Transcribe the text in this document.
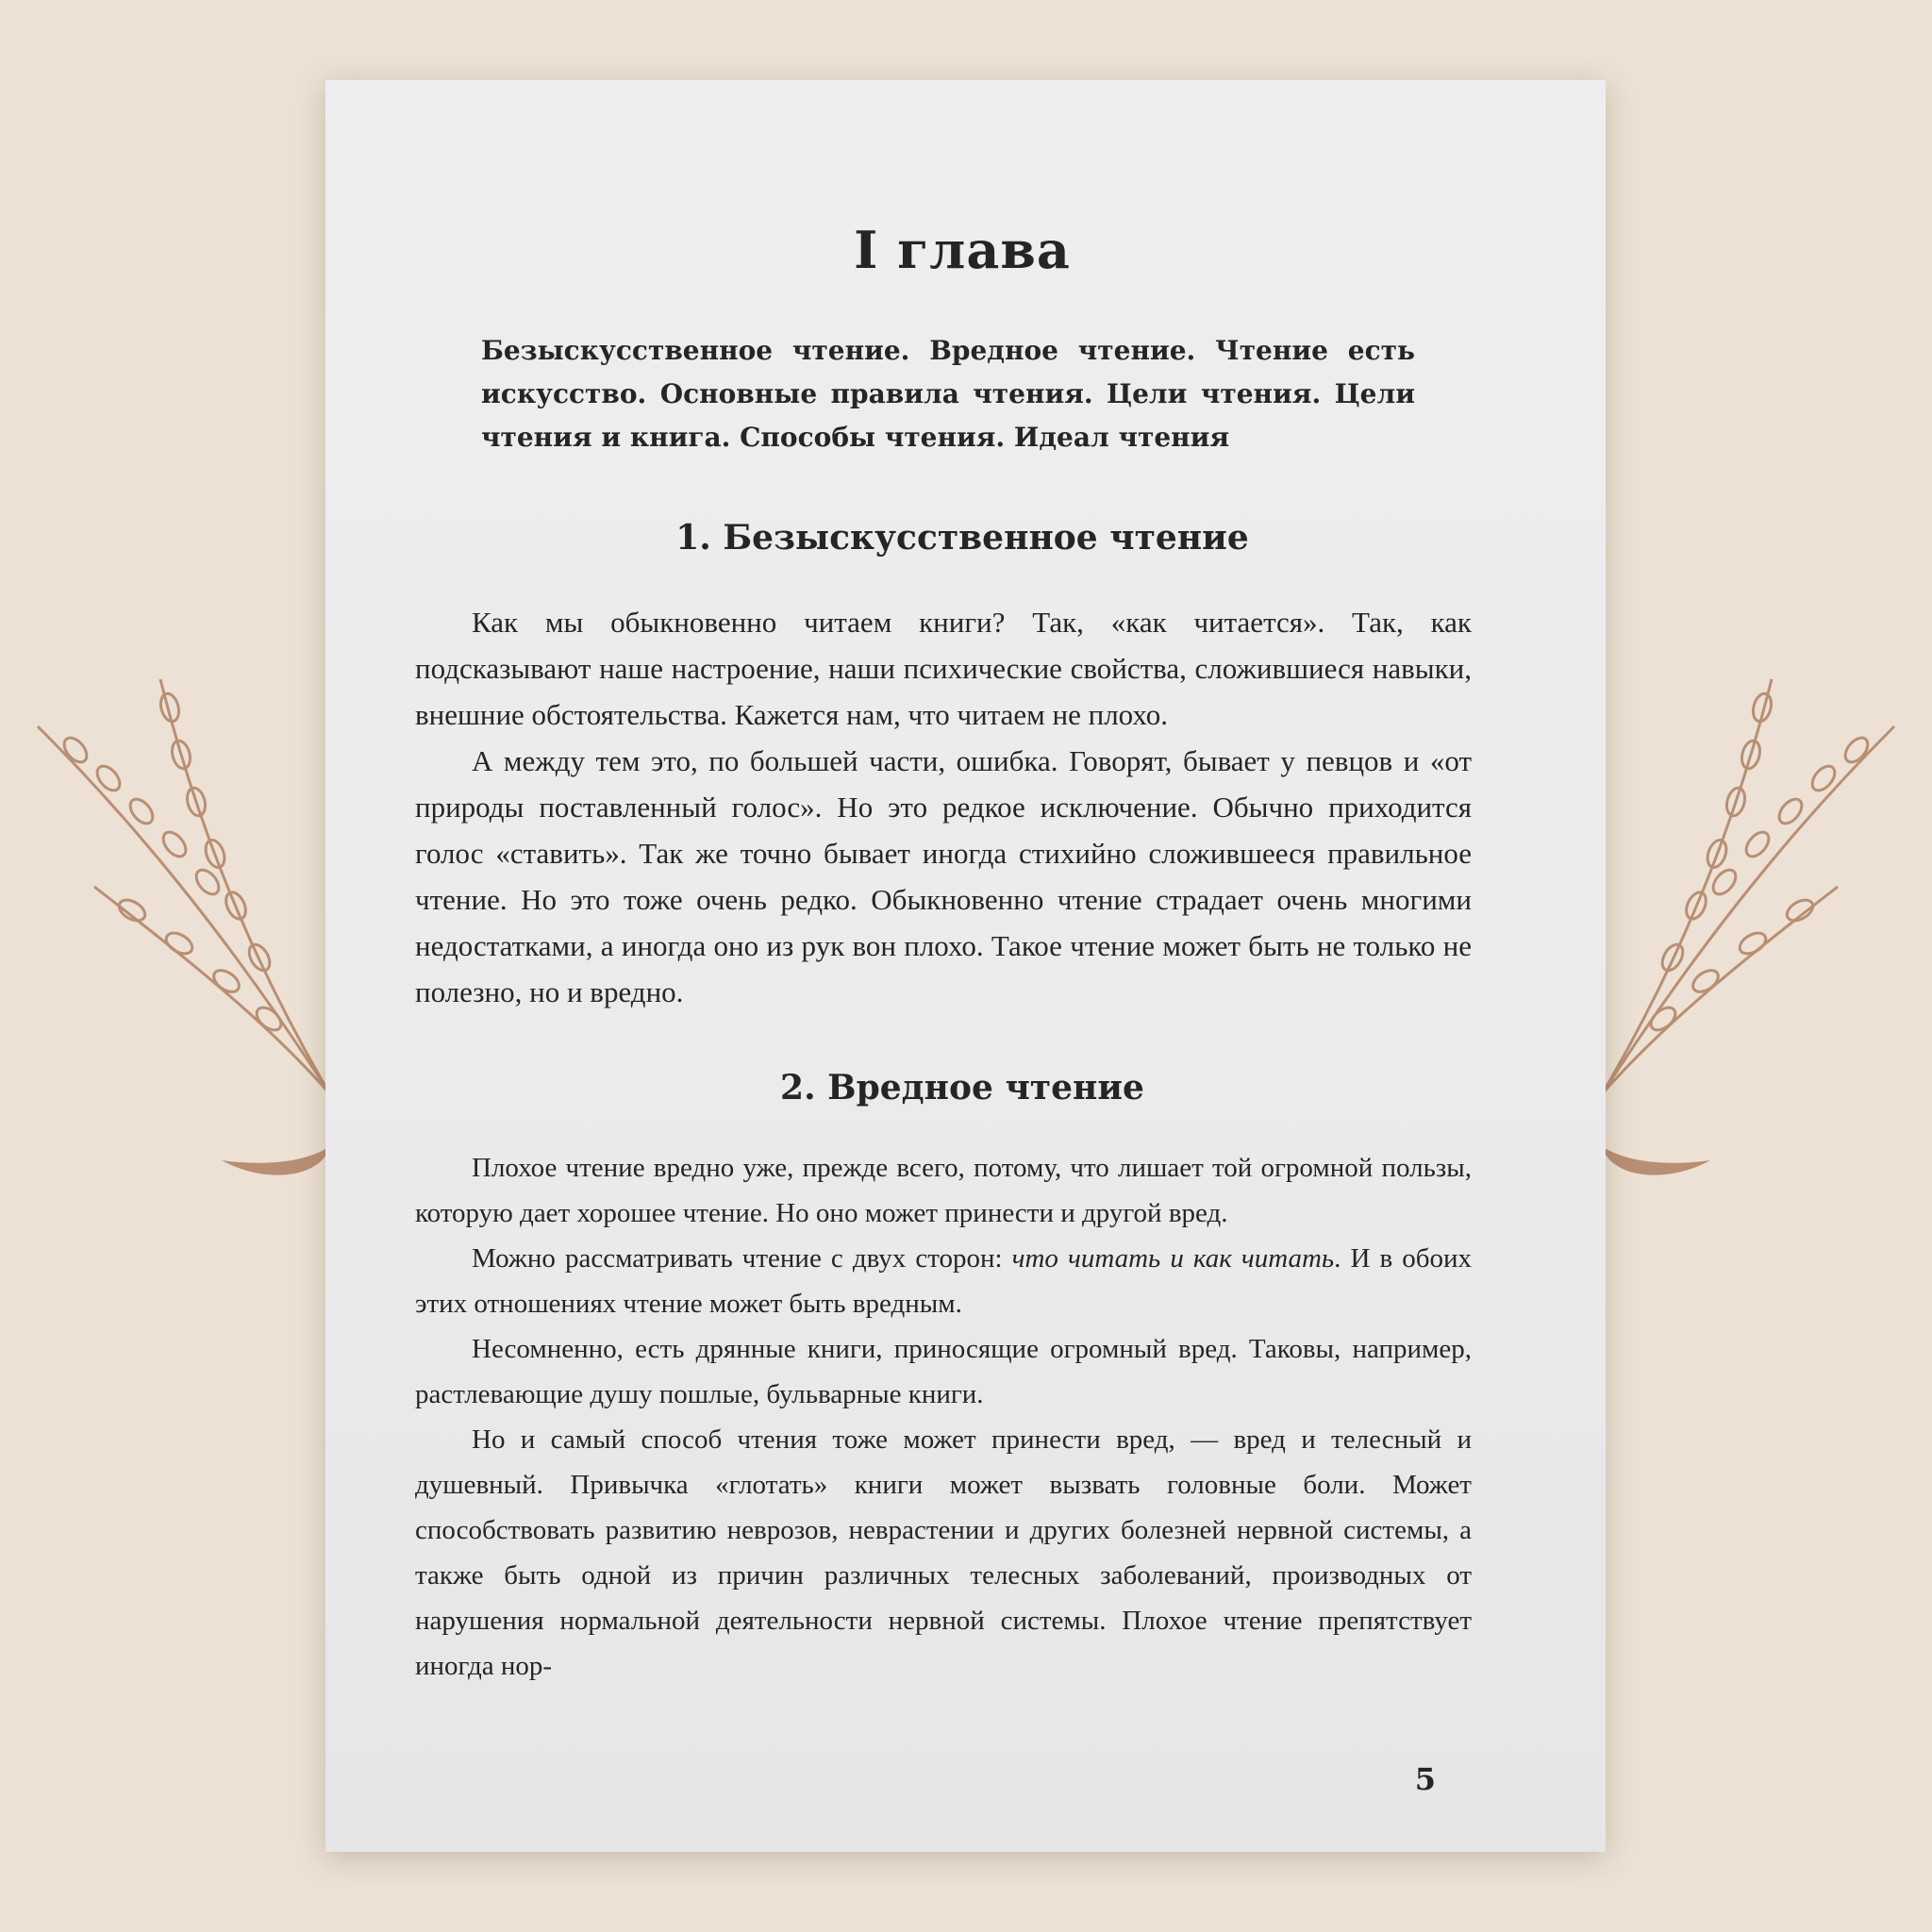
I глава
Безыскусственное чтение. Вредное чтение. Чтение есть искусство. Основные правила чтения. Цели чтения. Цели чтения и книга. Способы чтения. Идеал чтения
1. Безыскусственное чтение

Как мы обыкновенно читаем книги? Так, «как читается». Так, как подсказывают наше настроение, наши психические свойства, сложившиеся навыки, внешние обстоятельства. Кажется нам, что читаем не плохо.

А между тем это, по большей части, ошибка. Говорят, бывает у певцов и «от природы поставленный голос». Но это редкое исключение. Обычно приходится голос «ставить». Так же точно бывает иногда стихийно сложившееся правильное чтение. Но это тоже очень редко. Обыкновенно чтение страдает очень многими недостатками, а иногда оно из рук вон плохо. Такое чтение может быть не только не полезно, но и вредно.

2. Вредное чтение

Плохое чтение вредно уже, прежде всего, потому, что лишает той огромной пользы, которую дает хорошее чтение. Но оно может принести и другой вред.

Можно рассматривать чтение с двух сторон: что читать и как читать. И в обоих этих отношениях чтение может быть вредным.

Несомненно, есть дрянные книги, приносящие огромный вред. Таковы, например, растлевающие душу пошлые, бульварные книги.

Но и самый способ чтения тоже может принести вред, — вред и телесный и душевный. Привычка «глотать» книги может вызвать головные боли. Может способствовать развитию неврозов, неврастении и других болезней нервной системы, а также быть одной из причин различных телесных заболеваний, производных от нарушения нормальной деятельности нервной системы. Плохое чтение препятствует иногда нор-

5
